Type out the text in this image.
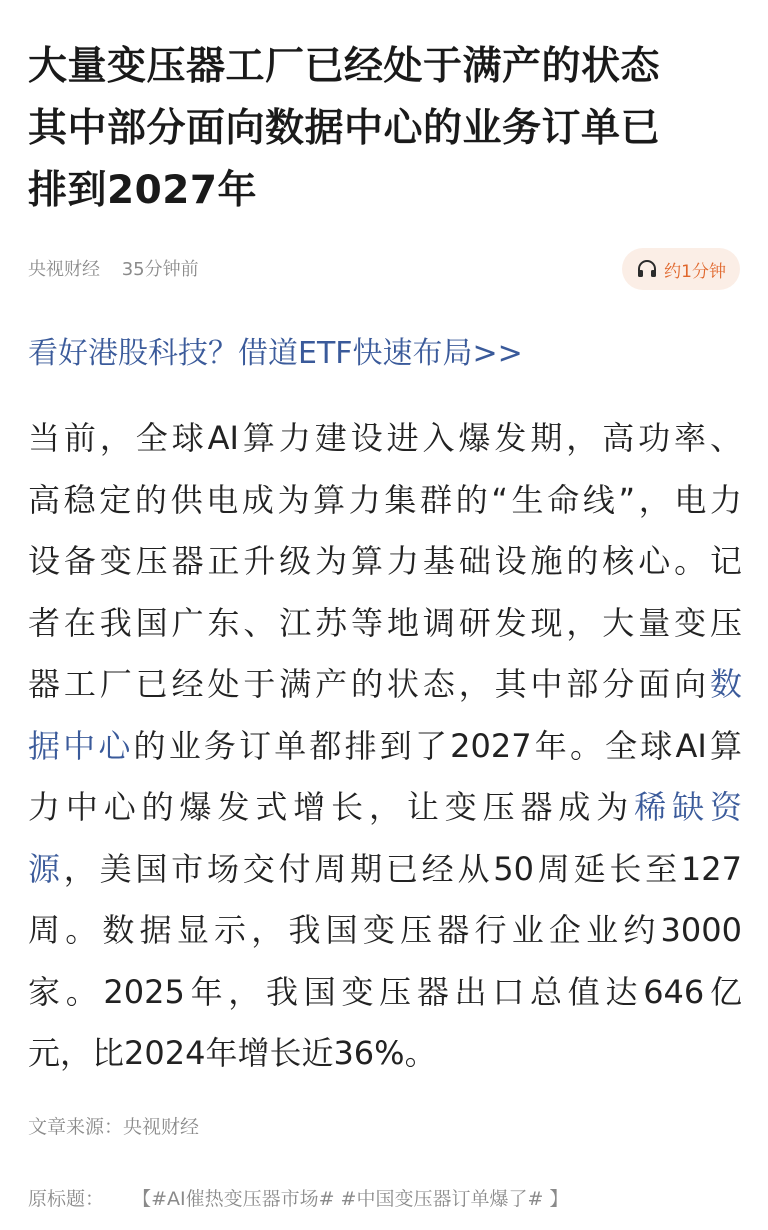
大量变压器工厂已经处于满产的状态
其中部分面向数据中心的业务订单已
排到2027年
央视财经 35分钟前	约1分钟
看好港股科技？借道ETF快速布局>>
当前，全球AI算力建设进入爆发期，高功率、
高稳定的供电成为算力集群的“生命线”，电力
设备变压器正升级为算力基础设施的核心。记
者在我国广东、江苏等地调研发现，大量变压
器工厂已经处于满产的状态，其中部分面向数
据中心的业务订单都排到了2027年。全球AI算
力中心的爆发式增长，让变压器成为稀缺资
源，美国市场交付周期已经从50周延长至127
周。数据显示，我国变压器行业企业约3000
家。2025年，我国变压器出口总值达646亿
元，比2024年增长近36%。
文章来源：央视财经
原标题： 【#AI催热变压器市场# #中国变压器订单爆了# 】
